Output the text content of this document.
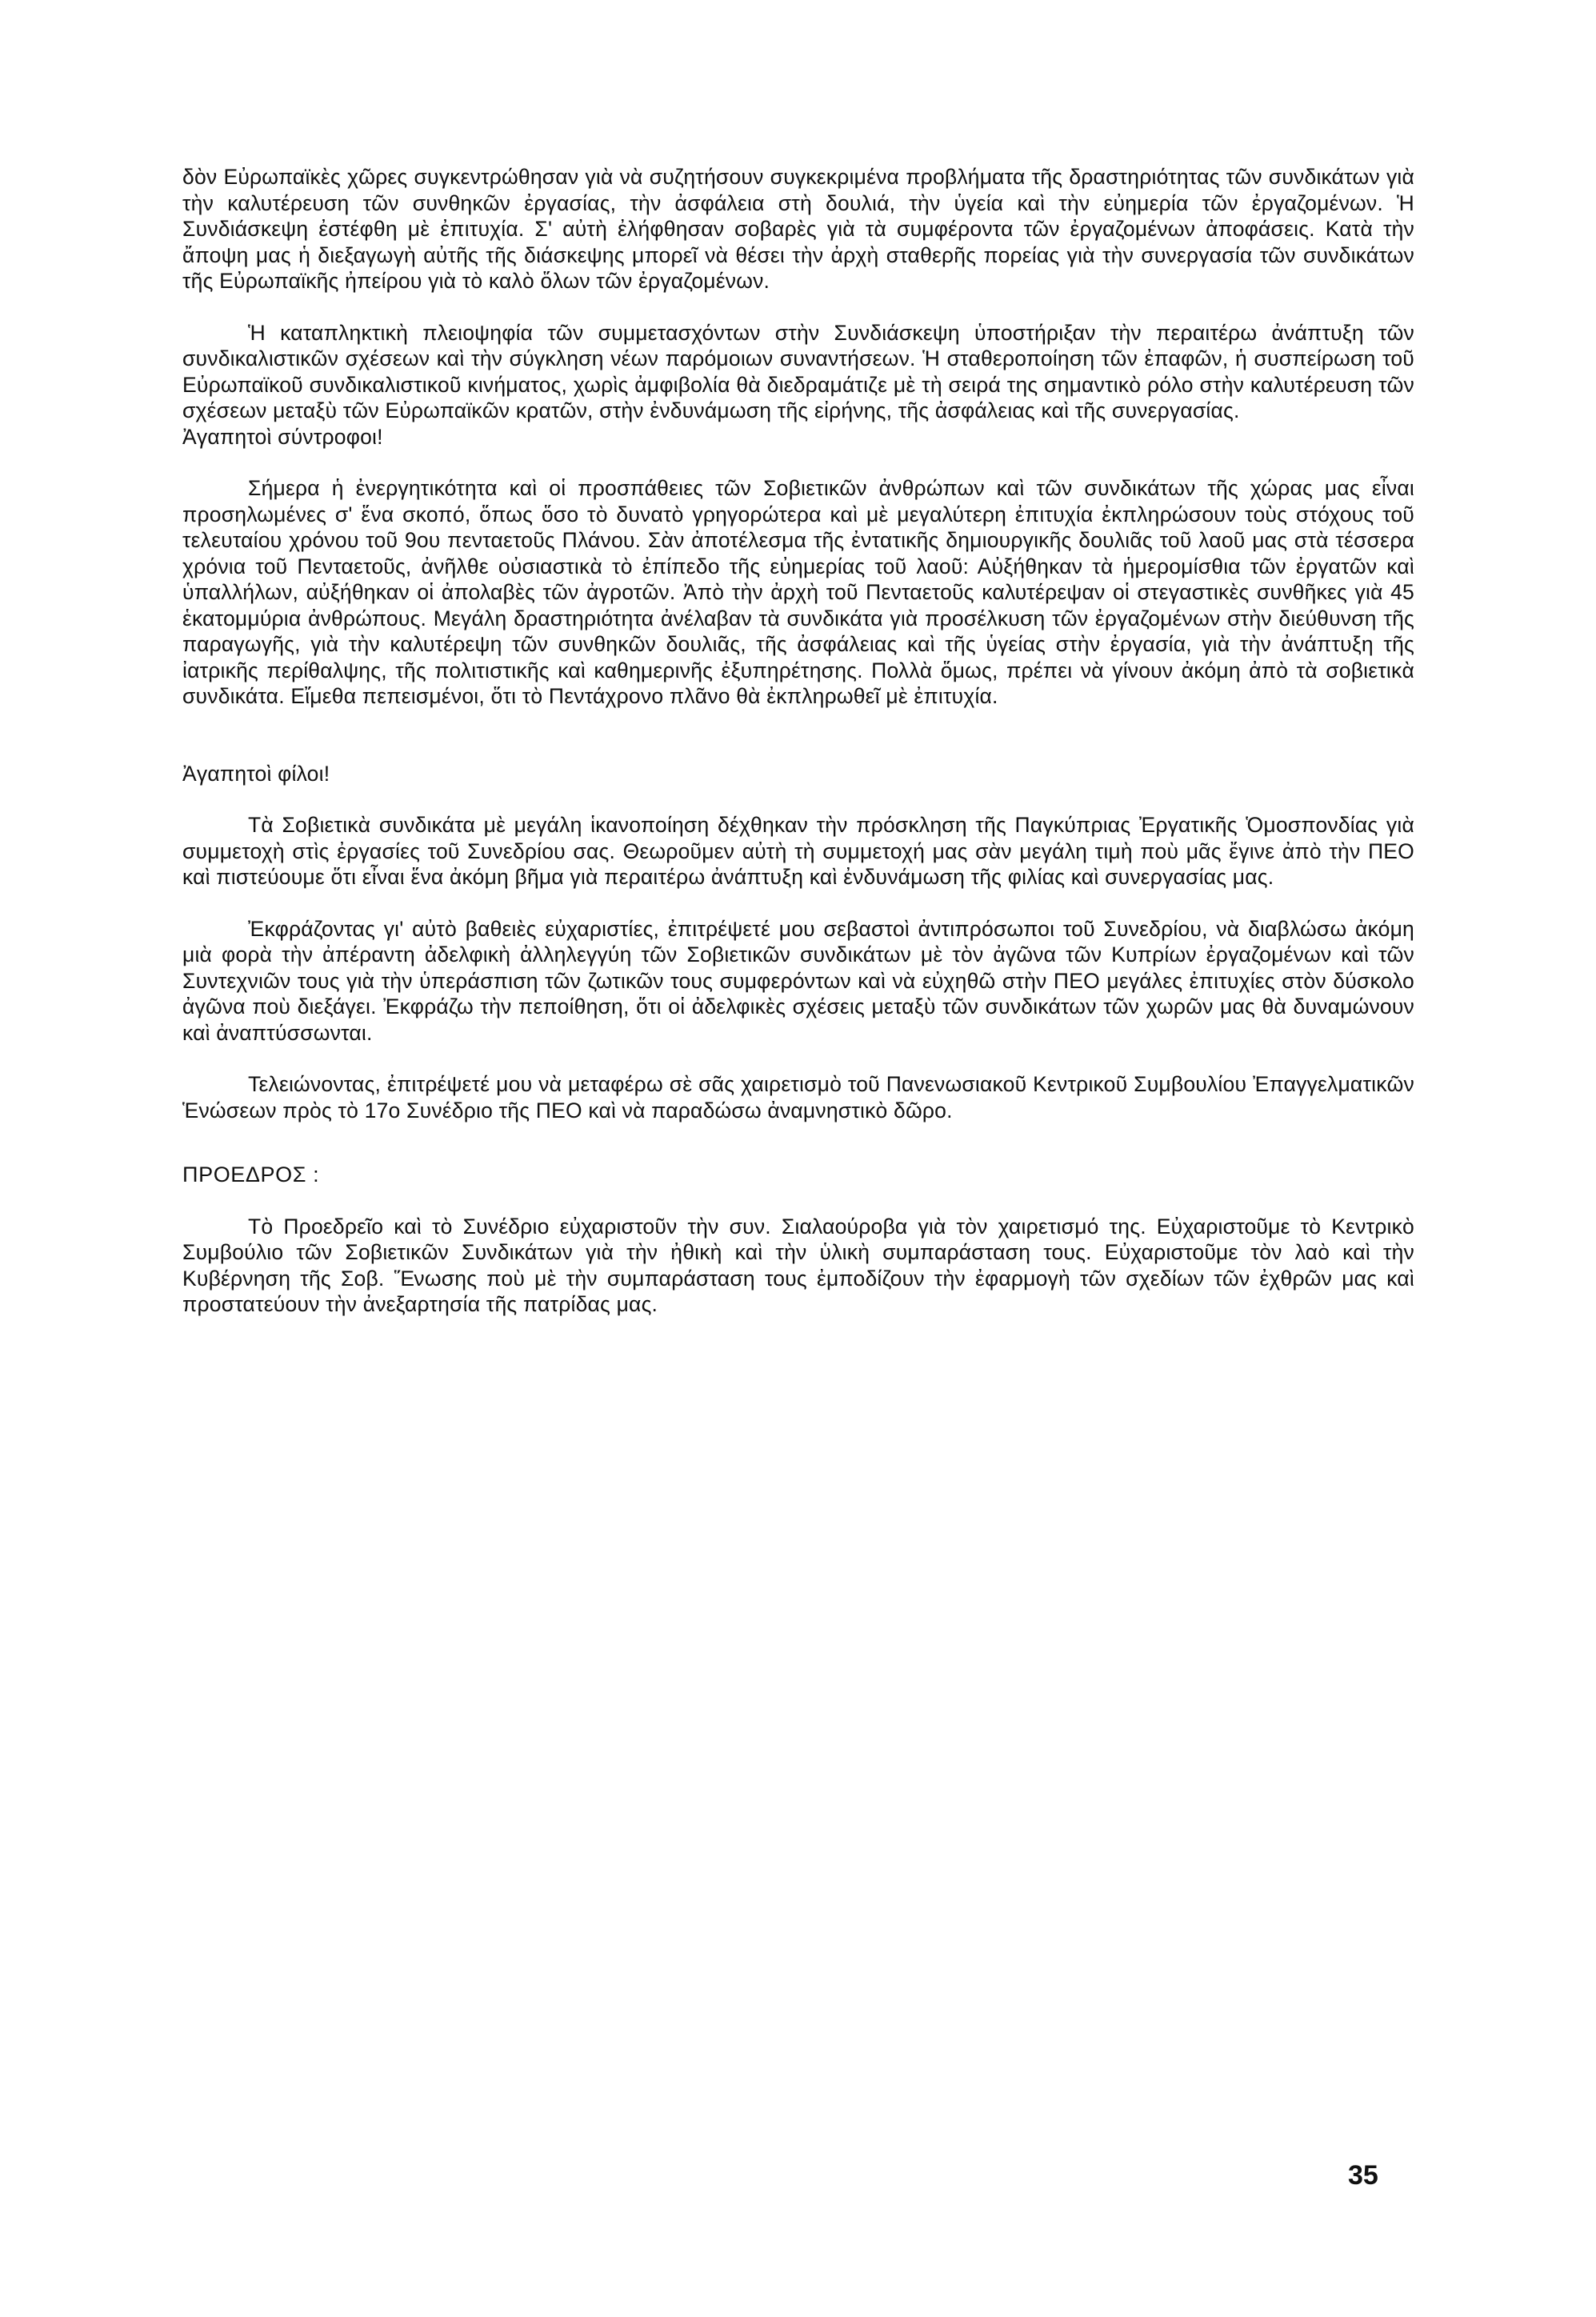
δὸν Εὐρωπαϊκὲς χῶρες συγκεντρώθησαν γιὰ νὰ συζητήσουν συγκεκριμένα προβλήματα τῆς δραστηριότητας τῶν συνδικάτων γιὰ τὴν καλυτέρευση τῶν συνθηκῶν ἐργασίας, τὴν ἀσφάλεια στὴ δουλιά, τὴν ὑγεία καὶ τὴν εὐημερία τῶν ἐργαζομένων. Ἡ Συνδιάσκεψη ἐστέφθη μὲ ἐπιτυχία. Σ' αὐτὴ ἐλήφθησαν σοβαρὲς γιὰ τὰ συμφέροντα τῶν ἐργαζομένων ἀποφάσεις. Κατὰ τὴν ἄποψη μας ἡ διεξαγωγὴ αὐτῆς τῆς διάσκεψης μπορεῖ νὰ θέσει τὴν ἀρχὴ σταθερῆς πορείας γιὰ τὴν συνεργασία τῶν συνδικάτων τῆς Εὐρωπαϊκῆς ἠπείρου γιὰ τὸ καλὸ ὅλων τῶν ἐργαζομένων.

Ἡ καταπληκτικὴ πλειοψηφία τῶν συμμετασχόντων στὴν Συνδιάσκεψη ὑποστήριξαν τὴν περαιτέρω ἀνάπτυξη τῶν συνδικαλιστικῶν σχέσεων καὶ τὴν σύγκληση νέων παρόμοιων συναντήσεων. Ἡ σταθεροποίηση τῶν ἐπαφῶν, ἡ συσπείρωση τοῦ Εὐρωπαϊκοῦ συνδικαλιστικοῦ κινήματος, χωρὶς ἀμφιβολία θὰ διεδραμάτιζε μὲ τὴ σειρά της σημαντικὸ ρόλο στὴν καλυτέρευση τῶν σχέσεων μεταξὺ τῶν Εὐρωπαϊκῶν κρατῶν, στὴν ἐνδυνάμωση τῆς εἰρήνης, τῆς ἀσφάλειας καὶ τῆς συνεργασίας.

Ἀγαπητοὶ σύντροφοι!

Σήμερα ἡ ἐνεργητικότητα καὶ οἱ προσπάθειες τῶν Σοβιετικῶν ἀνθρώπων καὶ τῶν συνδικάτων τῆς χώρας μας εἶναι προσηλωμένες σ' ἕνα σκοπό, ὅπως ὅσο τὸ δυνατὸ γρηγορώτερα καὶ μὲ μεγαλύτερη ἐπιτυχία ἐκπληρώσουν τοὺς στόχους τοῦ τελευταίου χρόνου τοῦ 9ου πενταετοῦς Πλάνου. Σὰν ἀποτέλεσμα τῆς ἐντατικῆς δημιουργικῆς δουλιᾶς τοῦ λαοῦ μας στὰ τέσσερα χρόνια τοῦ Πενταετοῦς, ἀνῆλθε οὐσιαστικὰ τὸ ἐπίπεδο τῆς εὐημερίας τοῦ λαοῦ: Αὐξήθηκαν τὰ ἡμερομίσθια τῶν ἐργατῶν καὶ ὑπαλλήλων, αὐξήθηκαν οἱ ἀπολαβὲς τῶν ἀγροτῶν. Ἀπὸ τὴν ἀρχὴ τοῦ Πενταετοῦς καλυτέρεψαν οἱ στεγαστικὲς συνθῆκες γιὰ 45 ἑκατομμύρια ἀνθρώπους. Μεγάλη δραστηριότητα ἀνέλαβαν τὰ συνδικάτα γιὰ προσέλκυση τῶν ἐργαζομένων στὴν διεύθυνση τῆς παραγωγῆς, γιὰ τὴν καλυτέρεψη τῶν συνθηκῶν δουλιᾶς, τῆς ἀσφάλειας καὶ τῆς ὑγείας στὴν ἐργασία, γιὰ τὴν ἀνάπτυξη τῆς ἰατρικῆς περίθαλψης, τῆς πολιτιστικῆς καὶ καθημερινῆς ἐξυπηρέτησης. Πολλὰ ὅμως, πρέπει νὰ γίνουν ἀκόμη ἀπὸ τὰ σοβιετικὰ συνδικάτα. Εἴμεθα πεπεισμένοι, ὅτι τὸ Πεντάχρονο πλᾶνο θὰ ἐκπληρωθεῖ μὲ ἐπιτυχία.

Ἀγαπητοὶ φίλοι!

Τὰ Σοβιετικὰ συνδικάτα μὲ μεγάλη ἱκανοποίηση δέχθηκαν τὴν πρόσκληση τῆς Παγκύπριας Ἐργατικῆς Ὁμοσπονδίας γιὰ συμμετοχὴ στὶς ἐργασίες τοῦ Συνεδρίου σας. Θεωροῦμεν αὐτὴ τὴ συμμετοχή μας σὰν μεγάλη τιμὴ ποὺ μᾶς ἔγινε ἀπὸ τὴν ΠΕΟ καὶ πιστεύουμε ὅτι εἶναι ἕνα ἀκόμη βῆμα γιὰ περαιτέρω ἀνάπτυξη καὶ ἐνδυνάμωση τῆς φιλίας καὶ συνεργασίας μας.

Ἐκφράζοντας γι' αὐτὸ βαθειὲς εὐχαριστίες, ἐπιτρέψετέ μου σεβαστοὶ ἀντιπρόσωποι τοῦ Συνεδρίου, νὰ διαβλώσω ἀκόμη μιὰ φορὰ τὴν ἀπέραντη ἀδελφικὴ ἀλληλεγγύη τῶν Σοβιετικῶν συνδικάτων μὲ τὸν ἀγῶνα τῶν Κυπρίων ἐργαζομένων καὶ τῶν Συντεχνιῶν τους γιὰ τὴν ὑπεράσπιση τῶν ζωτικῶν τους συμφερόντων καὶ νὰ εὐχηθῶ στὴν ΠΕΟ μεγάλες ἐπιτυχίες στὸν δύσκολο ἀγῶνα ποὺ διεξάγει. Ἐκφράζω τὴν πεποίθηση, ὅτι οἱ ἀδελφικὲς σχέσεις μεταξὺ τῶν συνδικάτων τῶν χωρῶν μας θὰ δυναμώνουν καὶ ἀναπτύσσωνται.

Τελειώνοντας, ἐπιτρέψετέ μου νὰ μεταφέρω σὲ σᾶς χαιρετισμὸ τοῦ Πανενωσιακοῦ Κεντρικοῦ Συμβουλίου Ἐπαγγελματικῶν Ἑνώσεων πρὸς τὸ 17ο Συνέδριο τῆς ΠΕΟ καὶ νὰ παραδώσω ἀναμνηστικὸ δῶρο.

ΠΡΟΕΔΡΟΣ :

Τὸ Προεδρεῖο καὶ τὸ Συνέδριο εὐχαριστοῦν τὴν συν. Σιαλαούροβα γιὰ τὸν χαιρετισμό της. Εὐχαριστοῦμε τὸ Κεντρικὸ Συμβούλιο τῶν Σοβιετικῶν Συνδικάτων γιὰ τὴν ἠθικὴ καὶ τὴν ὑλικὴ συμπαράσταση τους. Εὐχαριστοῦμε τὸν λαὸ καὶ τὴν Κυβέρνηση τῆς Σοβ. Ἕνωσης ποὺ μὲ τὴν συμπαράσταση τους ἐμποδίζουν τὴν ἐφαρμογὴ τῶν σχεδίων τῶν ἐχθρῶν μας καὶ προστατεύουν τὴν ἀνεξαρτησία τῆς πατρίδας μας.

35
